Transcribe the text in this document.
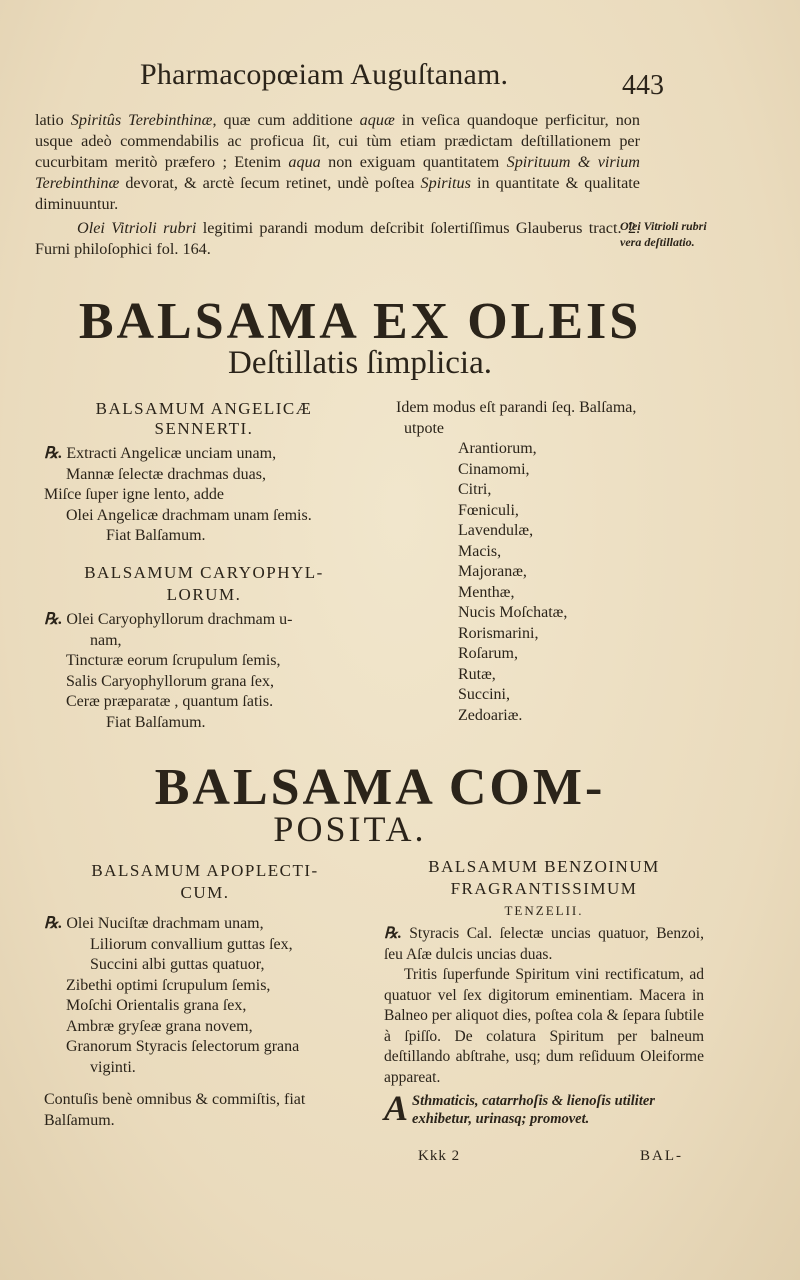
Pharmacopœiam Auguſtanam.	443

latio Spiritûs Terebinthinæ, quæ cum additione aquæ in veſica quandoque perficitur, non usque adeò commendabilis ac proficua ſit, cui tùm etiam prædictam deſtillationem per cucurbitam meritò præfero ; Etenim aqua non exiguam quantitatem Spirituum & virium Terebinthinæ devorat, & arctè ſecum retinet, undè poſtea Spiritus in quantitate & qualitate diminuuntur.

Olei Vitrioli rubri legitimi parandi modum deſcribit ſolertiſſimus Glauberus tract. 2. Furni philoſophici fol. 164.

Olei Vitrioli rubri vera deſtillatio.
BALSAMA EX OLEIS
Deſtillatis ſimplicia.
BALSAMUM ANGELICÆ
SENNERTI.
℞. Extracti Angelicæ unciam unam,
Mannæ ſelectæ drachmas duas,
Miſce ſuper igne lento, adde
Olei Angelicæ drachmam unam ſemis.
Fiat Balſamum.
BALSAMUM CARYOPHYL-
LORUM.
℞. Olei Caryophyllorum drachmam u-
nam,
Tincturæ eorum ſcrupulum ſemis,
Salis Caryophyllorum grana ſex,
Ceræ præparatæ , quantum ſatis.
Fiat Balſamum.
Idem modus eſt parandi ſeq. Balſama,
utpote
Arantiorum,
Cinamomi,
Citri,
Fœniculi,
Lavendulæ,
Macis,
Majoranæ,
Menthæ,
Nucis Moſchatæ,
Rorismarini,
Roſarum,
Rutæ,
Succini,
Zedoariæ.
BALSAMA COM-
POSITA.
BALSAMUM APOPLECTI-
CUM.
℞. Olei Nuciſtæ drachmam unam,
Liliorum convallium guttas ſex,
Succini albi guttas quatuor,
Zibethi optimi ſcrupulum ſemis,
Moſchi Orientalis grana ſex,
Ambræ gryſeæ grana novem,
Granorum Styracis ſelectorum grana
viginti.
Contuſis benè omnibus & commiſtis, fiat Balſamum.
BALSAMUM BENZOINUM
FRAGRANTISSIMUM
TENZELII.
℞. Styracis Cal. ſelectæ uncias quatuor, Benzoi, ſeu Aſæ dulcis uncias duas.
Tritis ſuperfunde Spiritum vini rectificatum, ad quatuor vel ſex digitorum eminentiam. Macera in Balneo per aliquot dies, poſtea cola & ſepara ſubtile à ſpiſſo. De colatura Spiritum per balneum deſtillando abſtrahe, usq; dum reſiduum Oleiforme appareat.
A Sthmaticis, catarrhoſis & lienoſis utiliter exhibetur, urinasq; promovet.
Kkk 2	BAL-
